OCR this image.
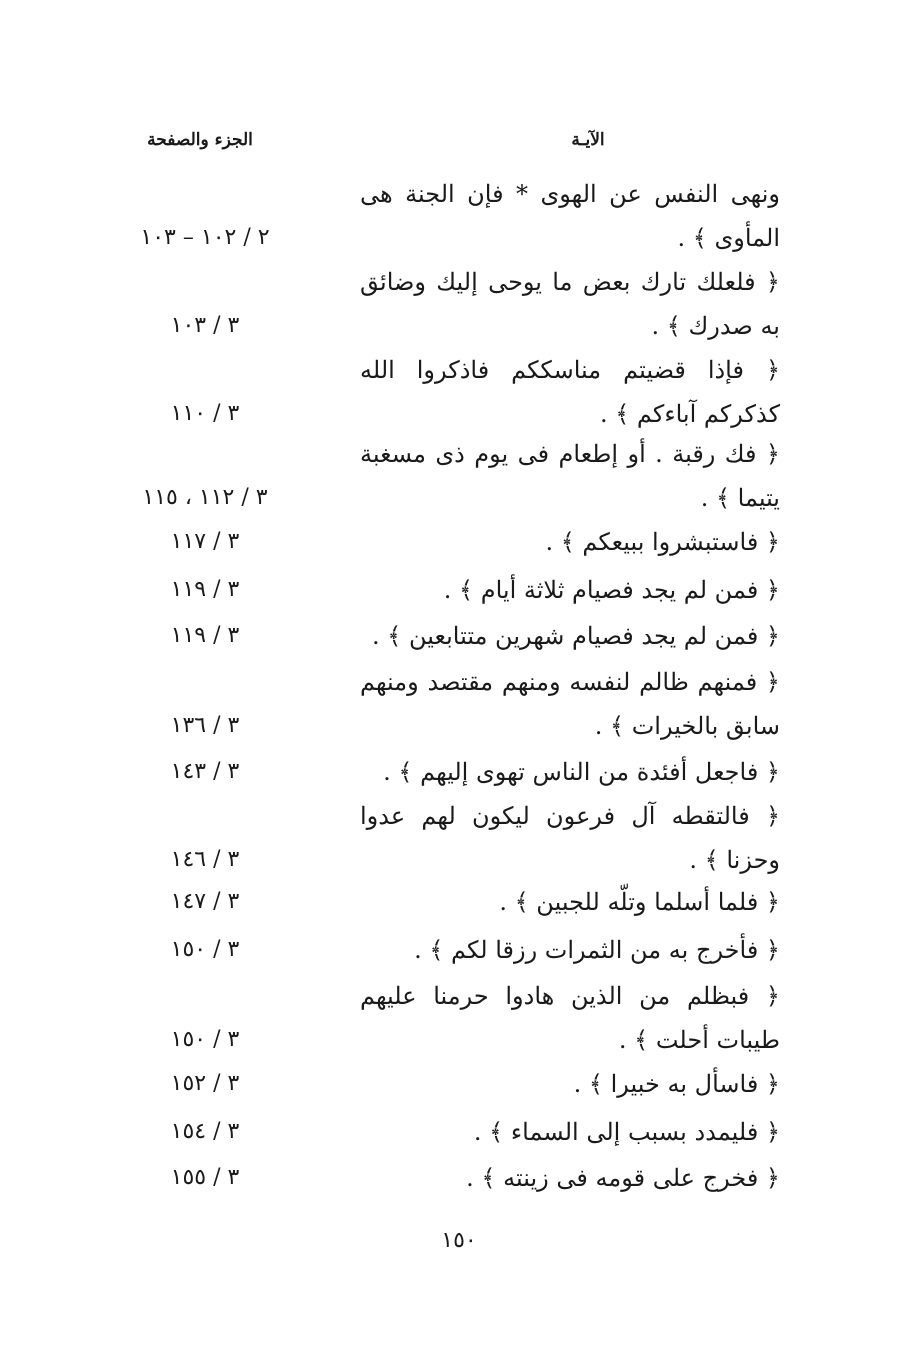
الآيـة
الجزء والصفحة
ونهى النفس عن الهوى * فإن الجنة هى المأوى ﴾ .
٢ / ١٠٢ – ١٠٣
﴿ فلعلك تارك بعض ما يوحى إليك وضائق به صدرك ﴾ .
٣ / ١٠٣
﴿ فإذا قضيتم مناسككم فاذكروا الله كذكركم آباءكم ﴾ .
٣ / ١١٠
﴿ فك رقبة . أو إطعام فى يوم ذى مسغبة يتيما ﴾ .
٣ / ١١٢ ، ١١٥
﴿ فاستبشروا ببيعكم ﴾ .
٣ / ١١٧
﴿ فمن لم يجد فصيام ثلاثة أيام ﴾ .
٣ / ١١٩
﴿ فمن لم يجد فصيام شهرين متتابعين ﴾ .
٣ / ١١٩
﴿ فمنهم ظالم لنفسه ومنهم مقتصد ومنهم سابق بالخيرات ﴾ .
٣ / ١٣٦
﴿ فاجعل أفئدة من الناس تهوى إليهم ﴾ .
٣ / ١٤٣
﴿ فالتقطه آل فرعون ليكون لهم عدوا وحزنا ﴾ .
٣ / ١٤٦
﴿ فلما أسلما وتلّه للجبين ﴾ .
٣ / ١٤٧
﴿ فأخرج به من الثمرات رزقا لكم ﴾ .
٣ / ١٥٠
﴿ فبظلم من الذين هادوا حرمنا عليهم طيبات أحلت ﴾ .
٣ / ١٥٠
﴿ فاسأل به خبيرا ﴾ .
٣ / ١٥٢
﴿ فليمدد بسبب إلى السماء ﴾ .
٣ / ١٥٤
﴿ فخرج على قومه فى زينته ﴾ .
٣ / ١٥٥
١٥٠
